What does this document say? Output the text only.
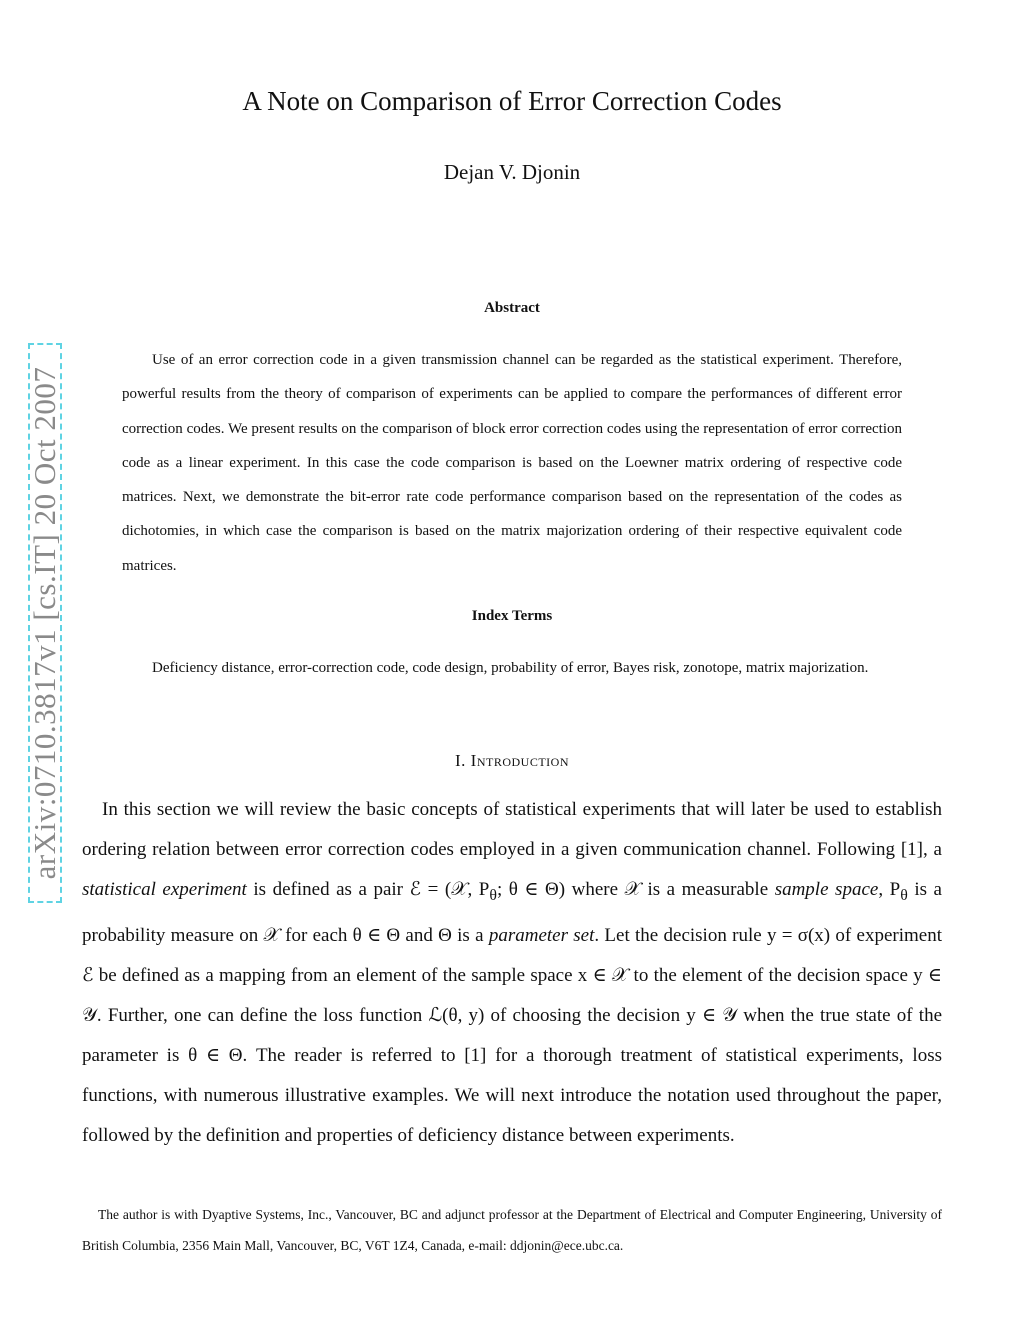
arXiv:0710.3817v1 [cs.IT] 20 Oct 2007
A Note on Comparison of Error Correction Codes
Dejan V. Djonin
Abstract

Use of an error correction code in a given transmission channel can be regarded as the statistical experiment. Therefore, powerful results from the theory of comparison of experiments can be applied to compare the performances of different error correction codes. We present results on the comparison of block error correction codes using the representation of error correction code as a linear experiment. In this case the code comparison is based on the Loewner matrix ordering of respective code matrices. Next, we demonstrate the bit-error rate code performance comparison based on the representation of the codes as dichotomies, in which case the comparison is based on the matrix majorization ordering of their respective equivalent code matrices.

Index Terms

Deficiency distance, error-correction code, code design, probability of error, Bayes risk, zonotope, matrix majorization.

I. Introduction

In this section we will review the basic concepts of statistical experiments that will later be used to establish ordering relation between error correction codes employed in a given communication channel. Following [1], a statistical experiment is defined as a pair ℰ = (𝒳, $P_\theta$; θ ∈ Θ) where 𝒳 is a measurable sample space, $P_\theta$ is a probability measure on 𝒳 for each θ ∈ Θ and Θ is a parameter set. Let the decision rule y = σ(x) of experiment ℰ be defined as a mapping from an element of the sample space x ∈ 𝒳 to the element of the decision space y ∈ 𝒴. Further, one can define the loss function ℒ(θ, y) of choosing the decision y ∈ 𝒴 when the true state of the parameter is θ ∈ Θ. The reader is referred to [1] for a thorough treatment of statistical experiments, loss functions, with numerous illustrative examples. We will next introduce the notation used throughout the paper, followed by the definition and properties of deficiency distance between experiments.

The author is with Dyaptive Systems, Inc., Vancouver, BC and adjunct professor at the Department of Electrical and Computer Engineering, University of British Columbia, 2356 Main Mall, Vancouver, BC, V6T 1Z4, Canada, e-mail: ddjonin@ece.ubc.ca.
